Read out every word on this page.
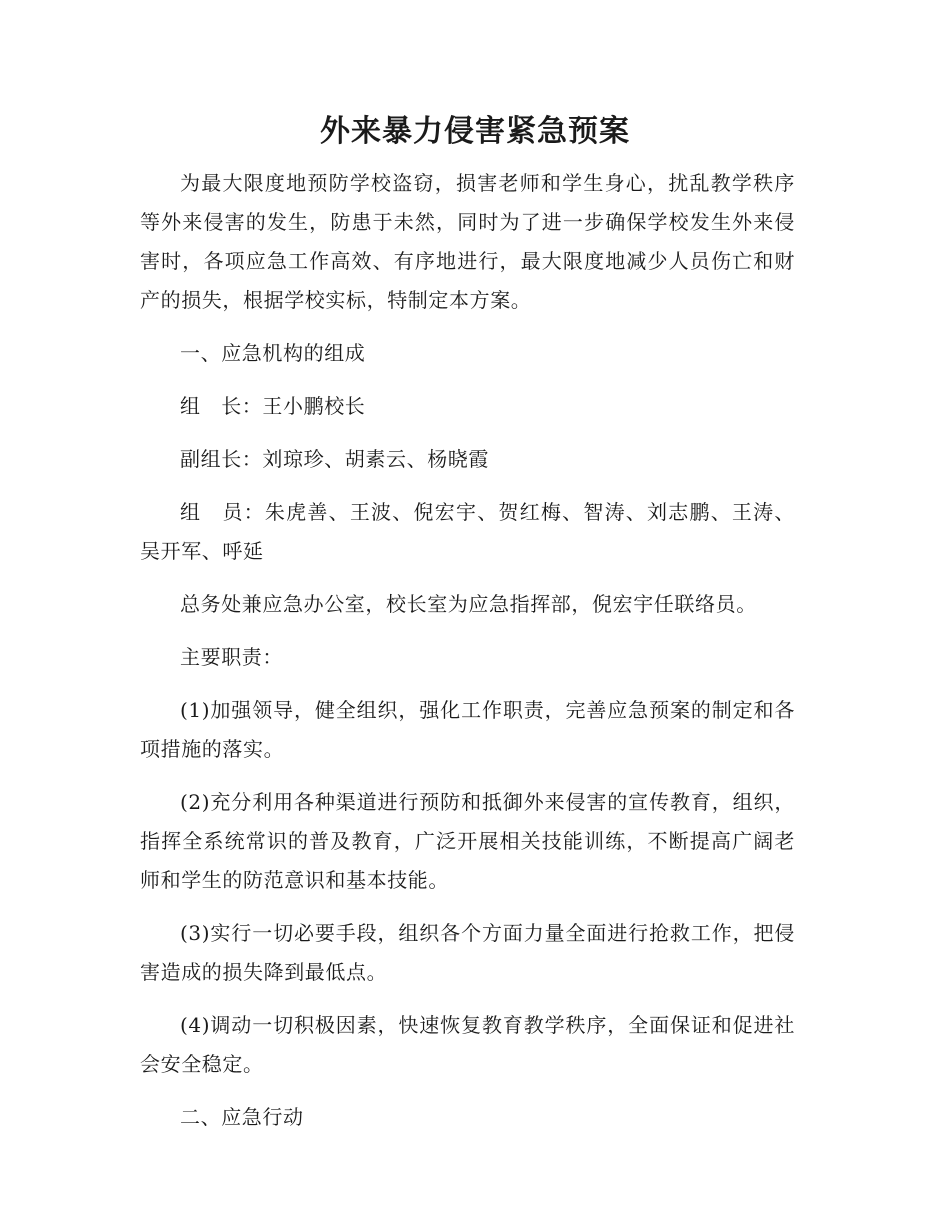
外来暴力侵害紧急预案

为最大限度地预防学校盗窃，损害老师和学生身心，扰乱教学秩序等外来侵害的发生，防患于未然，同时为了进一步确保学校发生外来侵害时，各项应急工作高效、有序地进行，最大限度地减少人员伤亡和财产的损失，根据学校实标，特制定本方案。

一、应急机构的组成

组　长：王小鹏校长

副组长：刘琼珍、胡素云、杨晓霞

组　员：朱虎善、王波、倪宏宇、贺红梅、智涛、刘志鹏、王涛、吴开军、呼延

总务处兼应急办公室，校长室为应急指挥部，倪宏宇任联络员。

主要职责：

(1)加强领导，健全组织，强化工作职责，完善应急预案的制定和各项措施的落实。

(2)充分利用各种渠道进行预防和抵御外来侵害的宣传教育，组织，指挥全系统常识的普及教育，广泛开展相关技能训练，不断提高广阔老师和学生的防范意识和基本技能。

(3)实行一切必要手段，组织各个方面力量全面进行抢救工作，把侵害造成的损失降到最低点。

(4)调动一切积极因素，快速恢复教育教学秩序，全面保证和促进社会安全稳定。

二、应急行动
